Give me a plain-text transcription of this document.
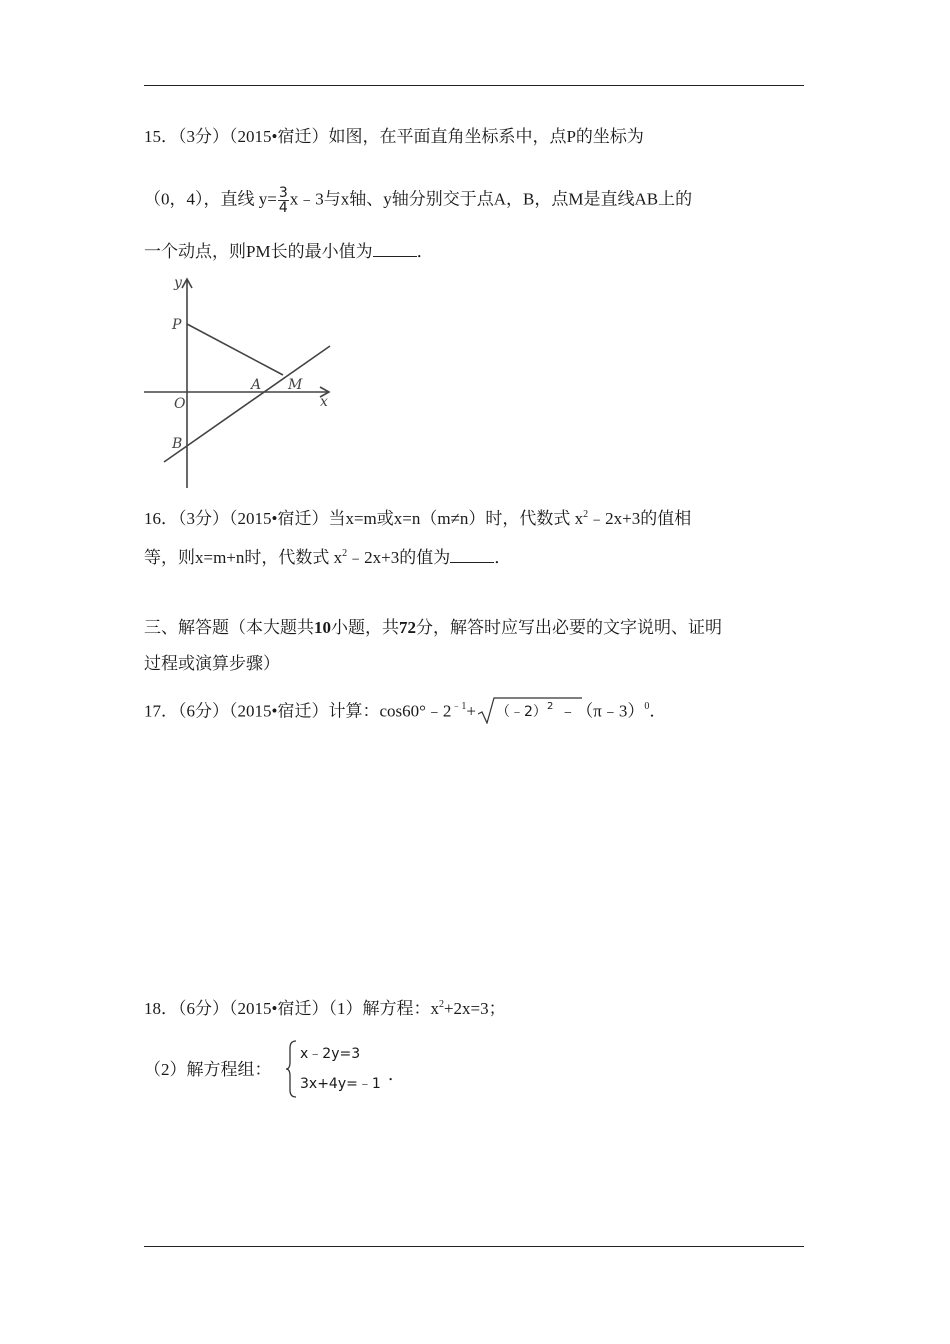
15．（3分）（2015•宿迁）如图，在平面直角坐标系中，点P的坐标为
（0，4），直线 $y= \frac{3}{4}$ x﹣3与x轴、y轴分别交于点A，B，点M是直线AB上的
一个动点，则PM长的最小值为	．
y
x
P
O
A M
B
16．（3分）（2015•宿迁）当x=m或x=n（m≠n）时，代数式 $x^2﹣2x+3$的值相
等，则x=m+n时，代数式 $x^2﹣2x+3$的值为	．
三、解答题（本大题共10小题，共72分，解答时应写出必要的文字说明、证明
过程或演算步骤）
17．（6分）（2015•宿迁）计算：$\cos 60^\circ﹣2^{﹣1}+$ （﹣2）$^2$ ﹣（π﹣3）$^0$．
18．（6分）（2015•宿迁）（1）解方程：$x^2+2x=3$；
（2）解方程组：
x﹣2y=3
3x+4y=﹣1 ．
